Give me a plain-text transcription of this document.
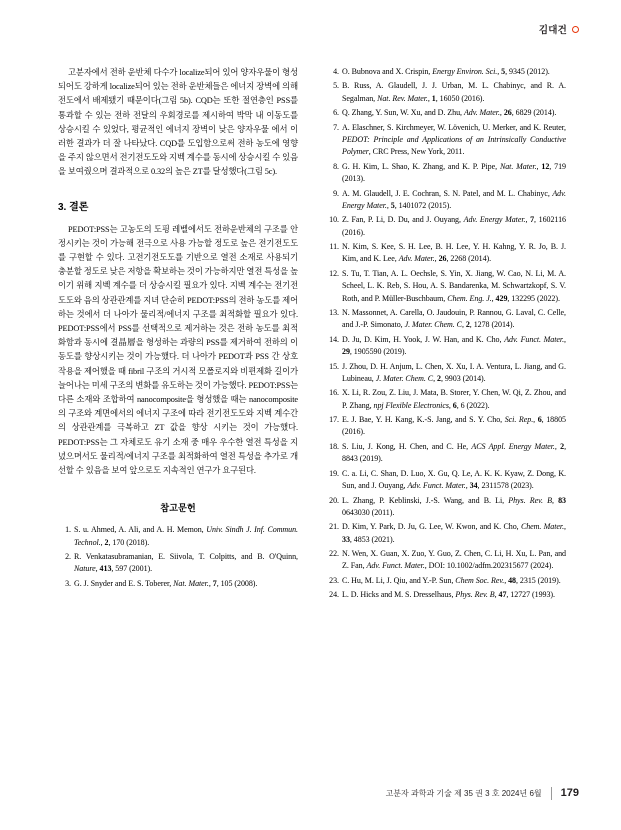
김대건

고분자에서 전하 운반체 다수가 localize되어 있어 양자우물이 형성되어도 강하게 localize되어 있는 전하 운반체들은 에너지 장벽에 의해 전도에서 배제됐기 때문이다(그림 5b). CQD는 또한 절연층인 PSS를 통과할 수 있는 전하 전달의 우회경로를 제시하여 박막 내 이동도를 상승시킬 수 있었다, 평균적인 에너지 장벽이 낮은 양자우물 에서 이러한 결과가 더 잘 나타났다. CQD를 도입함으로써 전하 농도에 영향을 주지 않으면서 전기전도도와 지벡 계수를 동시에 상승시킬 수 있음을 보여줬으며 결과적으로 0.32의 높은 ZT를 달성했다(그림 5c).

3. 결론

PEDOT:PSS는 고농도의 도핑 레벨에서도 전하운반체의 구조를 안정시키는 것이 가능해 전극으로 사용 가능할 정도로 높은 전기전도도를 구현할 수 있다. 고전기전도도를 기반으로 열전 소재로 사용되기 충분할 정도로 낮은 저항을 확보하는 것이 가능하지만 열전 특성을 높이기 위해 지벡 계수를 더 상승시킬 필요가 있다. 지벡 계수는 전기전도도와 음의 상관관계를 지녀 단순히 PEDOT:PSS의 전하 농도를 제어하는 것에서 더 나아가 물리적/에너지 구조를 최적화할 필요가 있다. PEDOT:PSS에서 PSS를 선택적으로 제거하는 것은 전하 농도를 최적화함과 동시에 결晶層을 형성하는 과량의 PSS를 제거하여 전하의 이동도를 향상시키는 것이 가능했다. 더 나아가 PEDOT과 PSS 간 상호작용을 제어했을 때 fibril 구조의 거시적 모폴로지와 비편제화 길이가 늘어나는 미세 구조의 변화를 유도하는 것이 가능했다. PEDOT:PSS는 다른 소재와 조합하여 nanocomposite을 형성했을 때는 nanocomposite의 구조와 계면에서의 에너지 구조에 따라 전기전도도와 지벡 계수간의 상관관계를 극복하고 ZT 값을 향상 시키는 것이 가능했다. PEDOT:PSS는 그 자체로도 유기 소재 중 매우 우수한 열전 특성을 지녔으며서도 물리적/에너지 구조를 최적화하여 열전 특성을 추가로 개선할 수 있음을 보여 앞으로도 지속적인 연구가 요구된다.

참고문헌
1. S. u. Ahmed, A. Ali, and A. H. Memon, Univ. Sindh J. Inf. Commun. Technol., 2, 170 (2018).
2. R. Venkatasubramanian, E. Siivola, T. Colpitts, and B. O'Quinn, Nature, 413, 597 (2001).
3. G. J. Snyder and E. S. Toberer, Nat. Mater., 7, 105 (2008).
4. O. Bubnova and X. Crispin, Energy Environ. Sci., 5, 9345 (2012).
5. B. Russ, A. Glaudell, J. J. Urban, M. L. Chabinyc, and R. A. Segalman, Nat. Rev. Mater., 1, 16050 (2016).
6. Q. Zhang, Y. Sun, W. Xu, and D. Zhu, Adv. Mater., 26, 6829 (2014).
7. A. Elaschner, S. Kirchmeyer, W. Lövenich, U. Merker, and K. Reuter, PEDOT: Principle and Applications of an Intrinsically Conductive Polymer, CRC Press, New York, 2011.
8. G. H. Kim, L. Shao, K. Zhang, and K. P. Pipe, Nat. Mater., 12, 719 (2013).
9. A. M. Glaudell, J. E. Cochran, S. N. Patel, and M. L. Chabinyc, Adv. Energy Mater., 5, 1401072 (2015).
10. Z. Fan, P. Li, D. Du, and J. Ouyang, Adv. Energy Mater., 7, 1602116 (2016).
11. N. Kim, S. Kee, S. H. Lee, B. H. Lee, Y. H. Kahng, Y. R. Jo, B. J. Kim, and K. Lee, Adv. Mater., 26, 2268 (2014).
12. S. Tu, T. Tian, A. L. Oechsle, S. Yin, X. Jiang, W. Cao, N. Li, M. A. Scheel, L. K. Reb, S. Hou, A. S. Bandarenka, M. Schwartzkopf, S. V. Roth, and P. Müller-Buschbaum, Chem. Eng. J., 429, 132295 (2022).
13. N. Massonnet, A. Carella, O. Jaudouin, P. Rannou, G. Laval, C. Celle, and J.-P. Simonato, J. Mater. Chem. C, 2, 1278 (2014).
14. D. Ju, D. Kim, H. Yook, J. W. Han, and K. Cho, Adv. Funct. Mater., 29, 1905590 (2019).
15. J. Zhou, D. H. Anjum, L. Chen, X. Xu, I. A. Ventura, L. Jiang, and G. Lubineau, J. Mater. Chem. C, 2, 9903 (2014).
16. X. Li, R. Zou, Z. Liu, J. Mata, B. Storer, Y. Chen, W. Qi, Z. Zhou, and P. Zhang, npj Flexible Electronics, 6, 6 (2022).
17. E. J. Bae, Y. H. Kang, K.-S. Jang, and S. Y. Cho, Sci. Rep., 6, 18805 (2016).
18. S. Liu, J. Kong, H. Chen, and C. He, ACS Appl. Energy Mater., 2, 8843 (2019).
19. C. a. Li, C. Shan, D. Luo, X. Gu, Q. Le, A. K. K. Kyaw, Z. Dong, K. Sun, and J. Ouyang, Adv. Funct. Mater., 34, 2311578 (2023).
20. L. Zhang, P. Keblinski, J.-S. Wang, and B. Li, Phys. Rev. B, 83 0643030 (2011).
21. D. Kim, Y. Park, D. Ju, G. Lee, W. Kwon, and K. Cho, Chem. Mater., 33, 4853 (2021).
22. N. Wen, X. Guan, X. Zuo, Y. Guo, Z. Chen, C. Li, H. Xu, L. Pan, and Z. Fan, Adv. Funct. Mater., DOI: 10.1002/adfm.202315677 (2024).
23. C. Hu, M. Li, J. Qiu, and Y.-P. Sun, Chem Soc. Rev., 48, 2315 (2019).
24. L. D. Hicks and M. S. Dresselhaus, Phys. Rev. B, 47, 12727 (1993).
고분자 과학과 기술 제 35 권 3 호 2024년 6월 179
